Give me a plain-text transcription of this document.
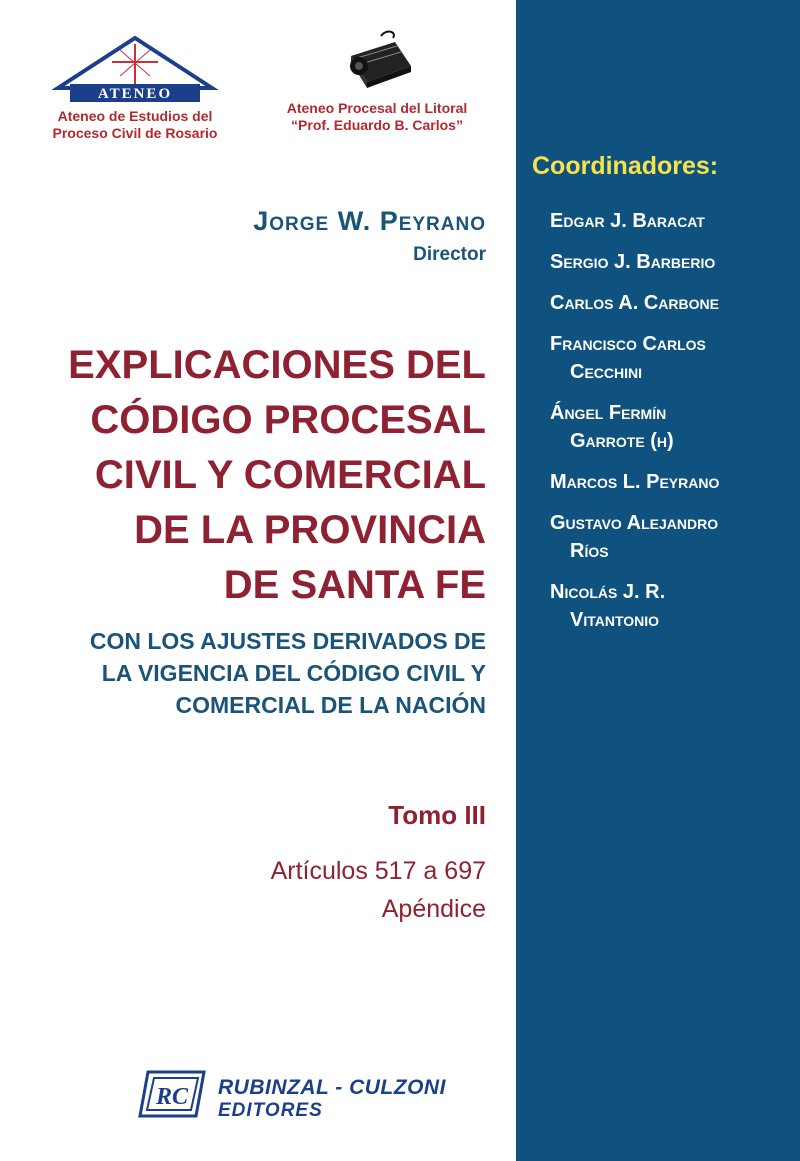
ATENEO
Ateneo de Estudios del
Proceso Civil de Rosario
Ateneo Procesal del Litoral
“Prof. Eduardo B. Carlos”
Jorge W. Peyrano
Director
EXPLICACIONES DEL
CÓDIGO PROCESAL
CIVIL Y COMERCIAL
DE LA PROVINCIA
DE SANTA FE
CON LOS AJUSTES DERIVADOS DE
LA VIGENCIA DEL CÓDIGO CIVIL Y
COMERCIAL DE LA NACIÓN
Tomo III
Artículos 517 a 697
Apéndice
RC RUBINZAL - CULZONI
EDITORES
Coordinadores:
Edgar J. Baracat
Sergio J. Barberio
Carlos A. Carbone
Francisco Carlos
Cecchini
Ángel Fermín
Garrote (h)
Marcos L. Peyrano
Gustavo Alejandro
Ríos
Nicolás J. R.
Vitantonio
